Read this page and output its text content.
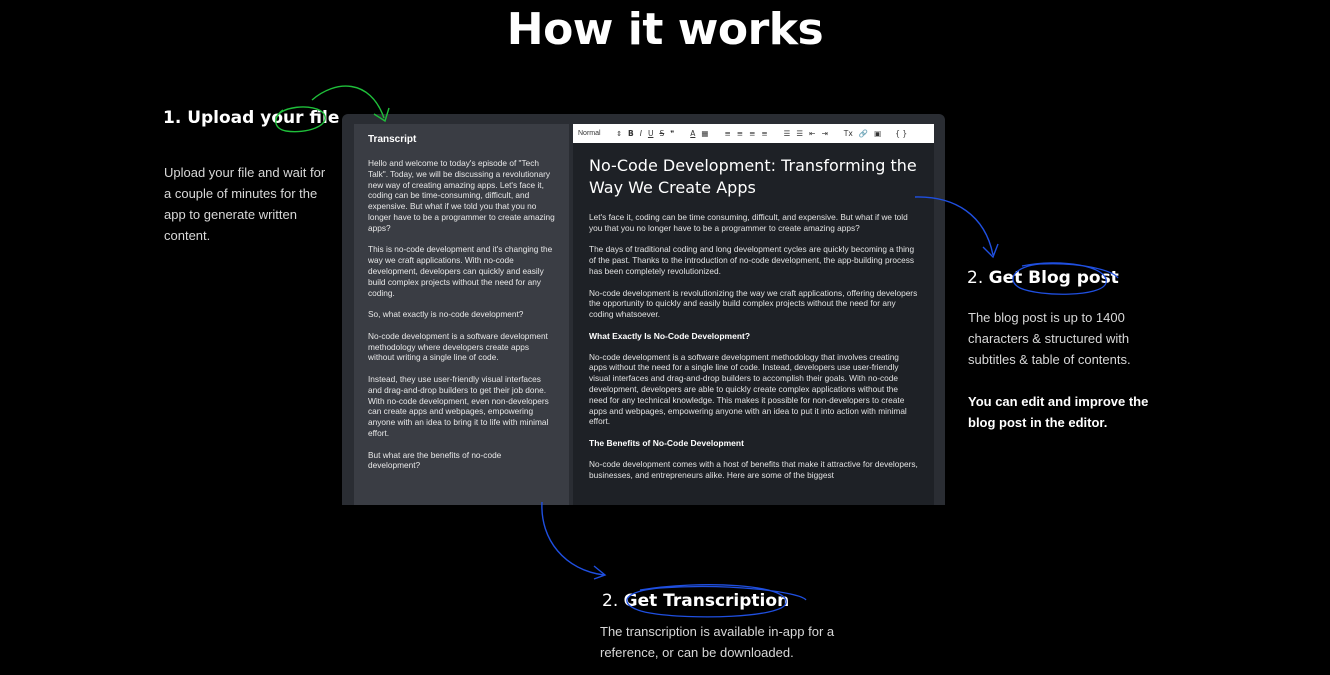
How it works
1. Upload your file
Upload your file and wait for a couple of minutes for the app to generate written content.
2. Get Blog post
The blog post is up to 1400 characters & structured with subtitles & table of contents.
You can edit and improve the blog post in the editor.
2. Get Transcription
The transcription is available in-app for a reference, or can be downloaded.
Transcript

Hello and welcome to today's episode of "Tech Talk". Today, we will be discussing a revolutionary new way of creating amazing apps. Let's face it, coding can be time-consuming, difficult, and expensive. But what if we told you that you no longer have to be a programmer to create amazing apps?

This is no-code development and it's changing the way we craft applications. With no-code development, developers can quickly and easily build complex projects without the need for any coding.

So, what exactly is no-code development?

No-code development is a software development methodology where developers create apps without writing a single line of code.

Instead, they use user-friendly visual interfaces and drag-and-drop builders to get their job done. With no-code development, even non-developers can create apps and webpages, empowering anyone with an idea to bring it to life with minimal effort.

But what are the benefits of no-code development?

Normal ⇕ B I U S ❞ A ▦ ≡ ≡ ≡ ≡ ☰ ☰ ⇤ ⇥ Tx 🔗 ▣ { }
No-Code Development: Transforming the Way We Create Apps

Let's face it, coding can be time consuming, difficult, and expensive. But what if we told you that you no longer have to be a programmer to create amazing apps?

The days of traditional coding and long development cycles are quickly becoming a thing of the past. Thanks to the introduction of no-code development, the app-building process has been completely revolutionized.

No-code development is revolutionizing the way we craft applications, offering developers the opportunity to quickly and easily build complex projects without the need for any coding whatsoever.

What Exactly Is No-Code Development?

No-code development is a software development methodology that involves creating apps without the need for a single line of code. Instead, developers use user-friendly visual interfaces and drag-and-drop builders to accomplish their goals. With no-code development, developers are able to quickly create complex applications without the need for any technical knowledge. This makes it possible for non-developers to create apps and webpages, empowering anyone with an idea to put it into action with minimal effort.

The Benefits of No-Code Development

No-code development comes with a host of benefits that make it attractive for developers, businesses, and entrepreneurs alike. Here are some of the biggest
